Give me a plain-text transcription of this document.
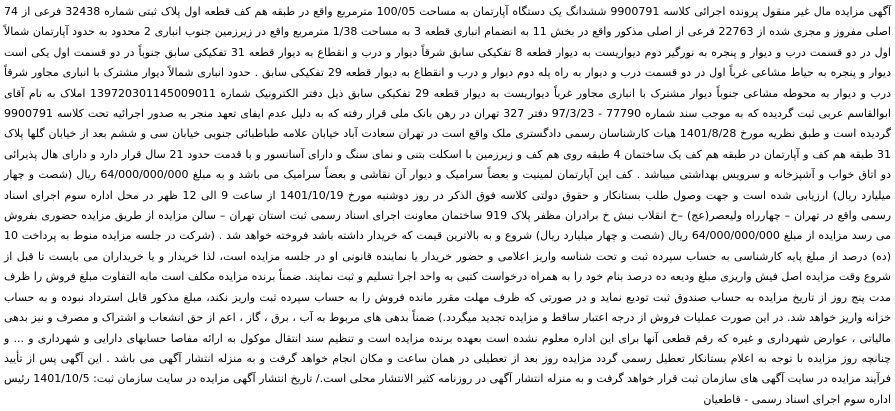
آگهی مزایده مال غیر منقول پرونده اجرائی کلاسه 9900791 ششدانگ یک دستگاه آپارتمان به مساحت 100/05 مترمربع واقع در طبقه هم کف قطعه اول پلاک ثبتی شماره 32438 فرعی از 74 اصلی مفروز و مجزی شده از 22763 فرعی از اصلی مذکور واقع در بخش 11 به انضمام انباری قطعه 3 به مساحت 1/38 مترمربع واقع در زیرزمین جنوب انباری 2 محدود به حدود آپارتمان شمالاً اول در دو قسمت درب و دیوار و پنجره به نورگیر دوم دیواریست به دیوار قطعه 8 تفکیکی سابق شرقاً دیوار و درب و انقطاع به دیوار قطعه 31 تفکیکی سابق جنوباً در دو قسمت اول یکی است دیوار و پنجره به حیاط مشاعی غرباً اول در دو قسمت درب و دیوار به راه پله دوم دیوار و درب و انقطاع به دیوار قطعه 29 تفکیکی سابق . حدود انباری شمالاً دیوار مشترک با انباری مجاور شرقاً درب و دیوار به محوطه مشاعی جنوباً دیوار مشترک با انباری مجاور غرباً دیواریست به دیوار قطعه 29 تفکیکی سابق ذیل دفتر الکترونیک شماره 139720301145009011 املاک به نام آقای ابوالقاسم عربی ثبت گردیده که به موجب سند شماره 77790 - 97/3/23 دفتر 327 تهران در رهن بانک ملی قرار رفته که به دلیل عدم ایفای تعهد منجر به صدور اجرائیه تحت کلاسه 9900791 گردیده است و طبق نظریه مورخ 1401/8/28 هیات کارشناسان رسمی دادگستری ملک واقع است در تهران سعادت آباد خیابان علامه طباطبائی جنوبی خیابان سی و ششم بعد از خیابان گلها پلاک 31 طبقه هم کف و آپارتمان در طبقه هم کف یک ساختمان 4 طبقه روی هم کف و زیرزمین با اسکلت بتنی و نمای سنگ و دارای آسانسور و با قدمت حدود 21 سال قرار دارد و دارای هال پذیرائی دو اتاق خواب و آشپزخانه و سرویس بهداشتی میباشد . کف این آپارتمان لمینیت و بعضاً سرامیک و دیوار آن نقاشی و بعضاً سرامیک می باشد و به مبلغ 64/000/000/000 ریال (شصت و چهار میلیارد ریال) ارزیابی شده است و جهت وصول طلب بستانکار و حقوق دولتی کلاسه فوق الذکر در روز دوشنبه مورخ 1401/10/19 از ساعت 9 الی 12 ظهر در محل اداره سوم اجرای اسناد رسمی واقع در تهران – چهارراه ولیعصر(عج) –خ انقلاب نبش خ برادران مظفر پلاک 919 ساختمان معاونت اجرای اسناد رسمی ثبت استان تهران – سالن مزایده از طریق مزایده حضوری بفروش می رسد مزایده از مبلغ 64/000/000/000 ریال (شصت و چهار میلیارد ریال) شروع و به بالاترین قیمت که خریدار داشته باشد فروخته خواهد شد . (شرکت در جلسه مزایده منوط به پرداخت 10 (ده) درصد از مبلغ پایه کارشناسی به حساب سپرده ثبت و تحت شناسه واریز اعلامی و حضور خریدار یا نماینده قانونی او در جلسه مزایده است، لذا خریدار و یا خریداران می بایست تا قبل از شروع وقت مزایده اصل فیش واریزی مبلغ ودیعه ده درصد بنام خود را به همراه درخواست کتبی به واحد اجرا تسلیم و ثبت نمایند. ضمناً برنده مزایده مکلف است مابه التفاوت مبلغ فروش را ظرف مدت پنج روز از تاریخ مزایده به حساب صندوق ثبت تودیع نماید و در صورتی که ظرف مهلت مقرر مانده فروش را به حساب سپرده ثبت واریز نکند، مبلغ مذکور قابل استرداد نبوده و به حساب خزانه واریز خواهد شد. در این صورت عملیات فروش از درجه اعتبار ساقط و مزایده تجدید میگردد.) ضمناً بدهی های مربوط به آب ، برق ، گاز ، اعم از حق انشعاب و اشتراک و مصرف و نیز بدهی مالیاتی ، عوارض شهرداری و غیره که رقم قطعی آنها برای این اداره معلوم نشده است بعهده برنده مزایده است و تنظیم سند انتقال موکول به ارائه مفاصا حسابهای دارایی و شهرداری و ... و چنانچه روز مزایده با توجه به اعلام بستانکار تعطیل رسمی گردد مزایده روز بعد از تعطیلی در همان ساعت و مکان انجام خواهد گرفت و به منزله انتشار آگهی می باشد . این آگهی پس از تأیید فرآیند مزایده در سایت آگهی های سازمان ثبت قرار خواهد گرفت و به منزله انتشار آگهی در روزنامه کثیر الانتشار محلی است./ تاریخ انتشار آگهی مزایده در سایت سازمان ثبت: 1401/10/5 رئیس اداره سوم اجرای اسناد رسمی - قاطعیان
